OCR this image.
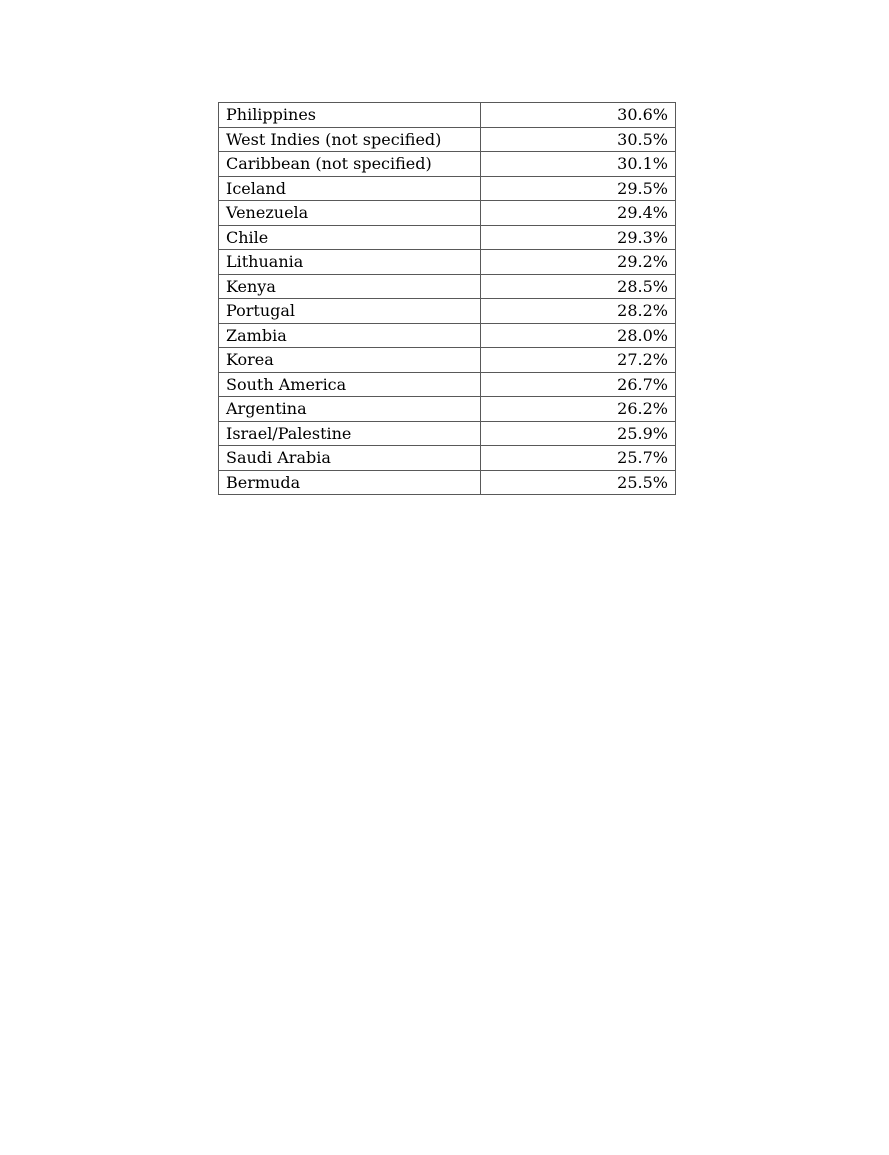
Philippines	30.6%
West Indies (not specified)	30.5%
Caribbean (not specified)	30.1%
Iceland	29.5%
Venezuela	29.4%
Chile	29.3%
Lithuania	29.2%
Kenya	28.5%
Portugal	28.2%
Zambia	28.0%
Korea	27.2%
South America	26.7%
Argentina	26.2%
Israel/Palestine	25.9%
Saudi Arabia	25.7%
Bermuda	25.5%
